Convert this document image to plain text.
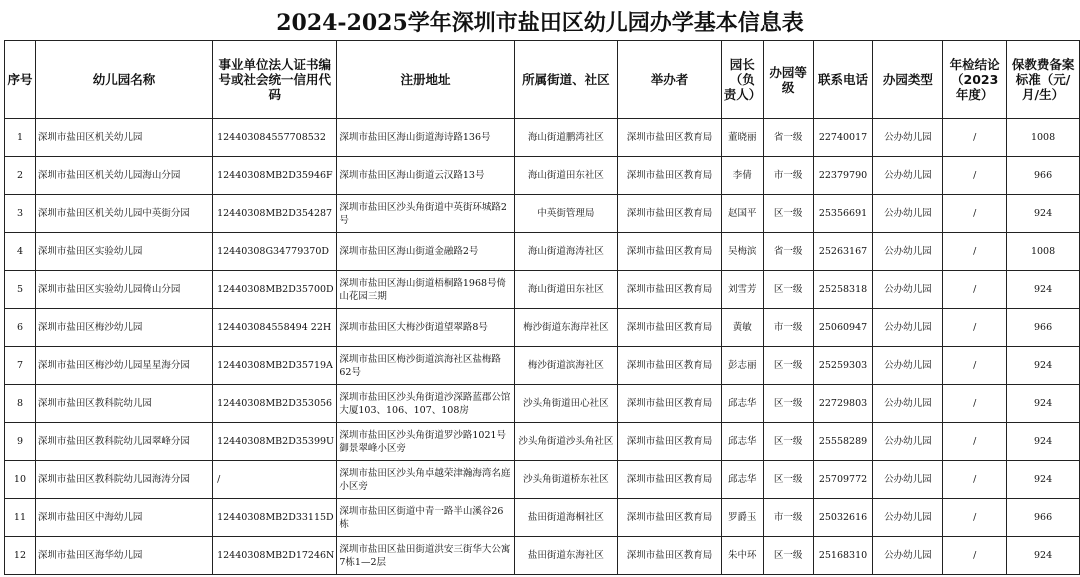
2024-2025学年深圳市盐田区幼儿园办学基本信息表
序号	幼儿园名称	事业单位法人证书编号或社会统一信用代码	注册地址	所属街道、社区	举办者	园长（负责人）	办园等级	联系电话	办园类型	年检结论（2023年度）	保教费备案标准（元/月/生）
1	深圳市盐田区机关幼儿园	124403084557708532	深圳市盐田区海山街道海诗路136号	海山街道鹏湾社区	深圳市盐田区教育局	董晓丽	省一级	22740017	公办幼儿园	/	1008
2	深圳市盐田区机关幼儿园海山分园	12440308MB2D35946F	深圳市盐田区海山街道云汉路13号	海山街道田东社区	深圳市盐田区教育局	李倩	市一级	22379790	公办幼儿园	/	966
3	深圳市盐田区机关幼儿园中英街分园	12440308MB2D354287	深圳市盐田区沙头角街道中英街环城路2号	中英街管理局	深圳市盐田区教育局	赵国平	区一级	25356691	公办幼儿园	/	924
4	深圳市盐田区实验幼儿园	12440308G34779370D	深圳市盐田区海山街道金融路2号	海山街道海涛社区	深圳市盐田区教育局	吴梅滨	省一级	25263167	公办幼儿园	/	1008
5	深圳市盐田区实验幼儿园倚山分园	12440308MB2D35700D	深圳市盐田区海山街道梧桐路1968号倚山花园三期	海山街道田东社区	深圳市盐田区教育局	刘雪芳	区一级	25258318	公办幼儿园	/	924
6	深圳市盐田区梅沙幼儿园	124403084558494 22H	深圳市盐田区大梅沙街道望翠路8号	梅沙街道东海岸社区	深圳市盐田区教育局	黄敏	市一级	25060947	公办幼儿园	/	966
7	深圳市盐田区梅沙幼儿园星星海分园	12440308MB2D35719A	深圳市盐田区梅沙街道滨海社区盐梅路62号	梅沙街道滨海社区	深圳市盐田区教育局	彭志丽	区一级	25259303	公办幼儿园	/	924
8	深圳市盐田区教科院幼儿园	12440308MB2D353056	深圳市盐田区沙头角街道沙深路蓝郡公馆大厦103、106、107、108房	沙头角街道田心社区	深圳市盐田区教育局	邱志华	区一级	22729803	公办幼儿园	/	924
9	深圳市盐田区教科院幼儿园翠峰分园	12440308MB2D35399U	深圳市盐田区沙头角街道罗沙路1021号御景翠峰小区旁	沙头角街道沙头角社区	深圳市盐田区教育局	邱志华	区一级	25558289	公办幼儿园	/	924
10	深圳市盐田区教科院幼儿园海涛分园	/	深圳市盐田区沙头角卓越荣津瀚海湾名庭小区旁	沙头角街道桥东社区	深圳市盐田区教育局	邱志华	区一级	25709772	公办幼儿园	/	924
11	深圳市盐田区中海幼儿园	12440308MB2D33115D	深圳市盐田区街道中青一路半山溪谷26栋	盐田街道海桐社区	深圳市盐田区教育局	罗爵玉	市一级	25032616	公办幼儿园	/	966
12	深圳市盐田区海华幼儿园	12440308MB2D17246N	深圳市盐田区盐田街道洪安三街华大公寓7栋1—2层	盐田街道东海社区	深圳市盐田区教育局	朱中环	区一级	25168310	公办幼儿园	/	924
